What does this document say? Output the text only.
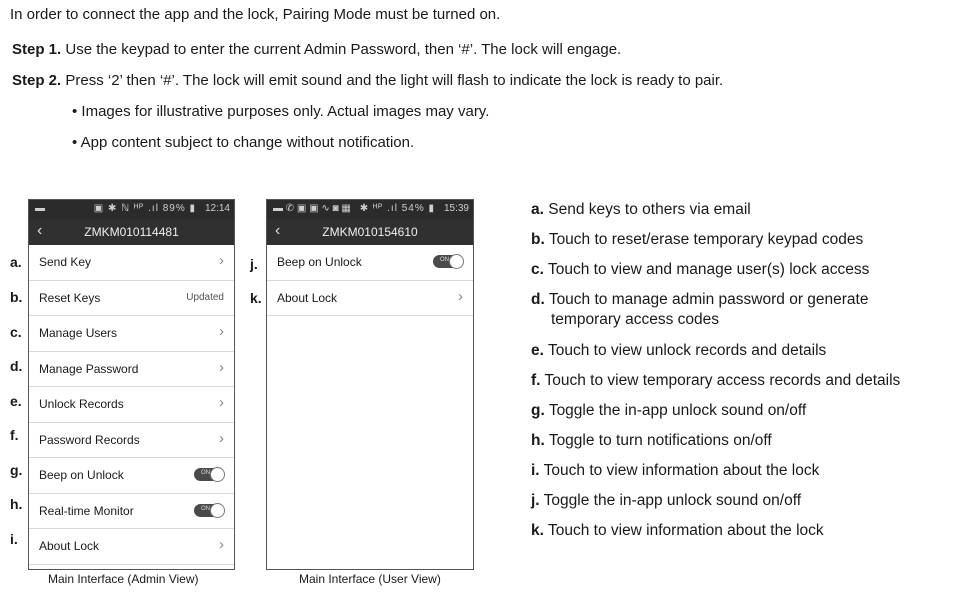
In order to connect the app and the lock, Pairing Mode must be turned on.
Step 1. Use the keypad to enter the current Admin Password, then ‘#’. The lock will engage.
Step 2. Press ‘2’ then ‘#’. The lock will emit sound and the light will flash to indicate the lock is ready to pair.
• Images for illustrative purposes only. Actual images may vary.
• App content subject to change without notification.
▬	▣ ✱ ℕ ᴴᴾ .ıl 89% ▮ 12:14
‹	ZMKM010114481
Send Key	›
Reset Keys	Updated
Manage Users	›
Manage Password	›
Unlock Records	›
Password Records	›
Beep on Unlock	ON
Real-time Monitor	ON
About Lock	›
a.
b.
c.
d.
e.
f.
g.
h.
i.
▬ ✆ ▣ ▣ ∿ ◙ ▦ ✱ ᴴᴾ .ıl 54% ▮ 15:39
‹	ZMKM010154610
Beep on Unlock	ON
About Lock	›
j.
k.
Main Interface (Admin View)	Main Interface (User View)
a. Send keys to others via email
b. Touch to reset/erase temporary keypad codes
c. Touch to view and manage user(s) lock access
d. Touch to manage admin password or generate
temporary access codes
e. Touch to view unlock records and details
f. Touch to view temporary access records and details
g. Toggle the in-app unlock sound on/off
h. Toggle to turn notifications on/off
i. Touch to view information about the lock
j. Toggle the in-app unlock sound on/off
k. Touch to view information about the lock
